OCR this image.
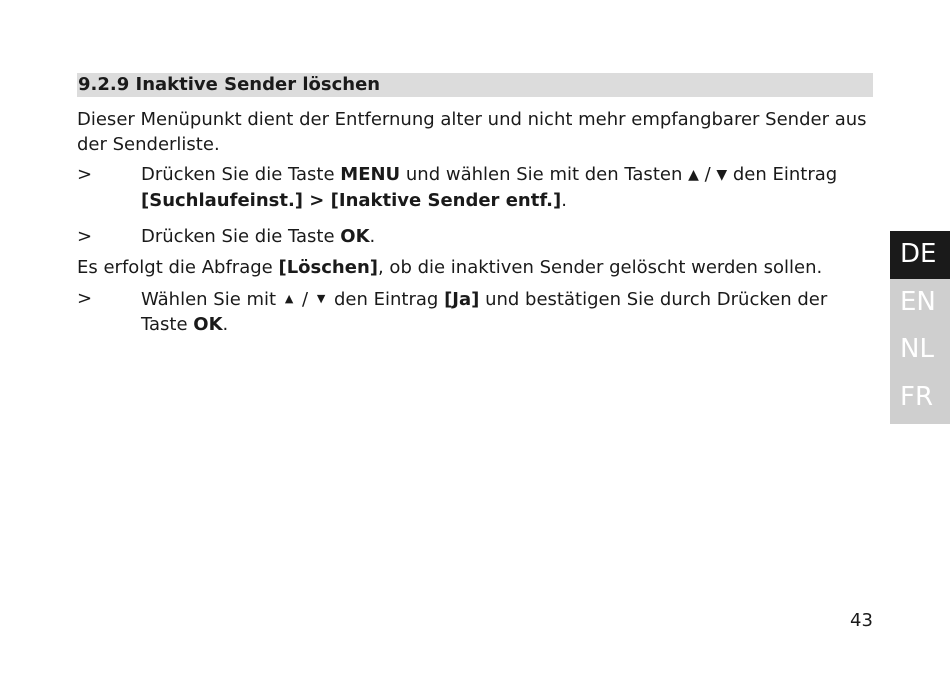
9.2.9 Inaktive Sender löschen

Dieser Menüpunkt dient der Entfernung alter und nicht mehr empfangbarer Sender aus der Senderliste.

>	Drücken Sie die Taste MENU und wählen Sie mit den Tasten ▲ / ▼ den Eintrag [Suchlaufeinst.] > [Inaktive Sender entf.].
>	Drücken Sie die Taste OK.

Es erfolgt die Abfrage [Löschen], ob die inaktiven Sender gelöscht werden sollen.

>	Wählen Sie mit ▲ / ▼ den Eintrag [Ja] und bestätigen Sie durch Drücken der Taste OK.
DE
EN
NL
FR
43
